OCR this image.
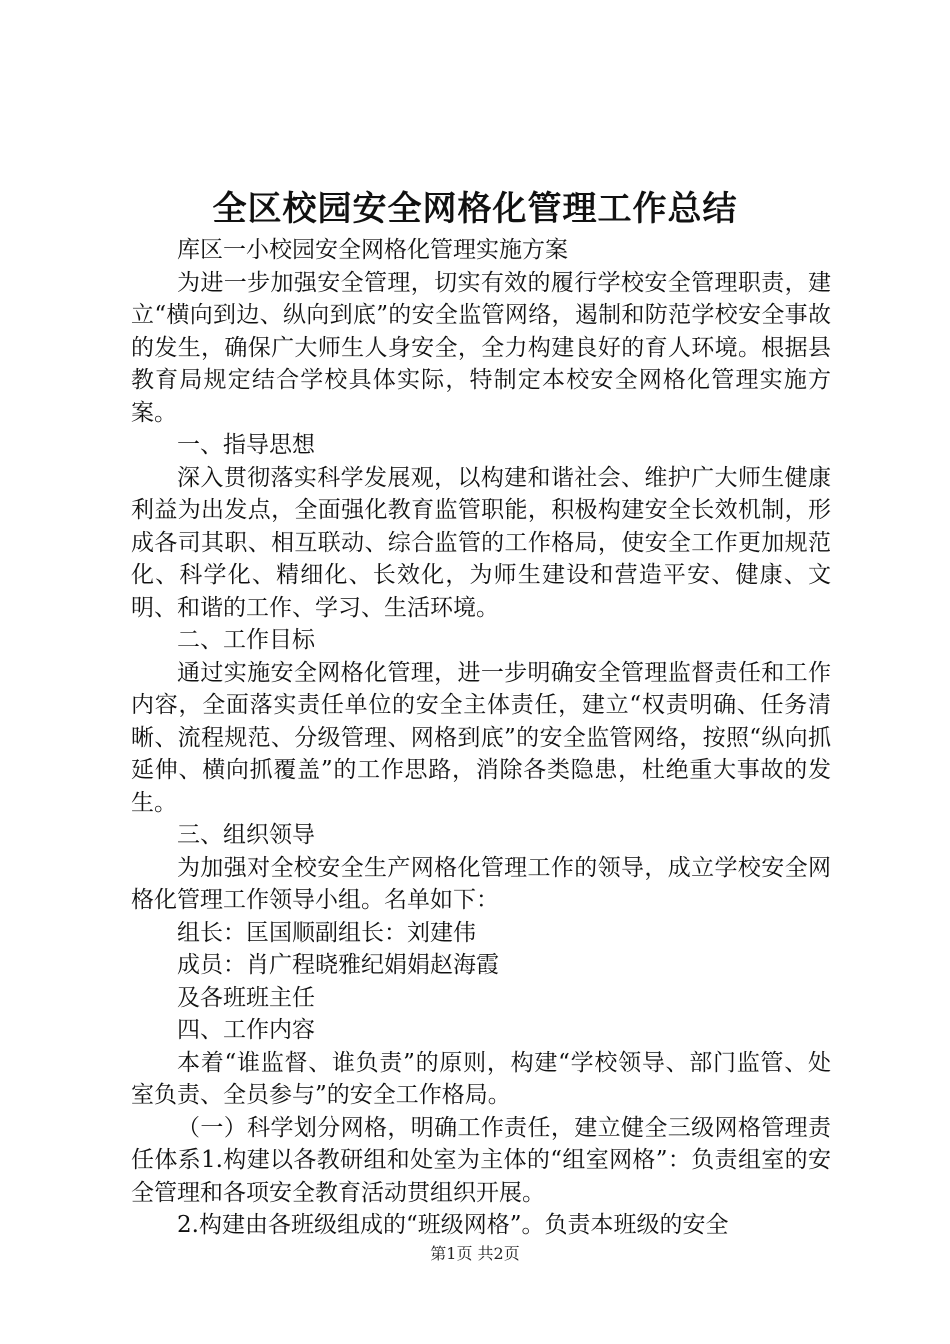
全区校园安全网格化管理工作总结

库区一小校园安全网格化管理实施方案

为进一步加强安全管理，切实有效的履行学校安全管理职责，建立“横向到边、纵向到底”的安全监管网络，遏制和防范学校安全事故的发生，确保广大师生人身安全，全力构建良好的育人环境。根据县教育局规定结合学校具体实际，特制定本校安全网格化管理实施方案。

一、指导思想

深入贯彻落实科学发展观，以构建和谐社会、维护广大师生健康利益为出发点，全面强化教育监管职能，积极构建安全长效机制，形成各司其职、相互联动、综合监管的工作格局，使安全工作更加规范化、科学化、精细化、长效化，为师生建设和营造平安、健康、文明、和谐的工作、学习、生活环境。

二、工作目标

通过实施安全网格化管理，进一步明确安全管理监督责任和工作内容，全面落实责任单位的安全主体责任，建立“权责明确、任务清晰、流程规范、分级管理、网格到底”的安全监管网络，按照“纵向抓延伸、横向抓覆盖”的工作思路，消除各类隐患，杜绝重大事故的发生。

三、组织领导

为加强对全校安全生产网格化管理工作的领导，成立学校安全网格化管理工作领导小组。名单如下：

组长：匡国顺副组长：刘建伟

成员：肖广程晓雅纪娟娟赵海霞

及各班班主任

四、工作内容

本着“谁监督、谁负责”的原则，构建“学校领导、部门监管、处室负责、全员参与”的安全工作格局。

（一）科学划分网格，明确工作责任，建立健全三级网格管理责任体系1.构建以各教研组和处室为主体的“组室网格”：负责组室的安全管理和各项安全教育活动贯组织开展。

2.构建由各班级组成的“班级网格”。负责本班级的安全

第1页 共2页
